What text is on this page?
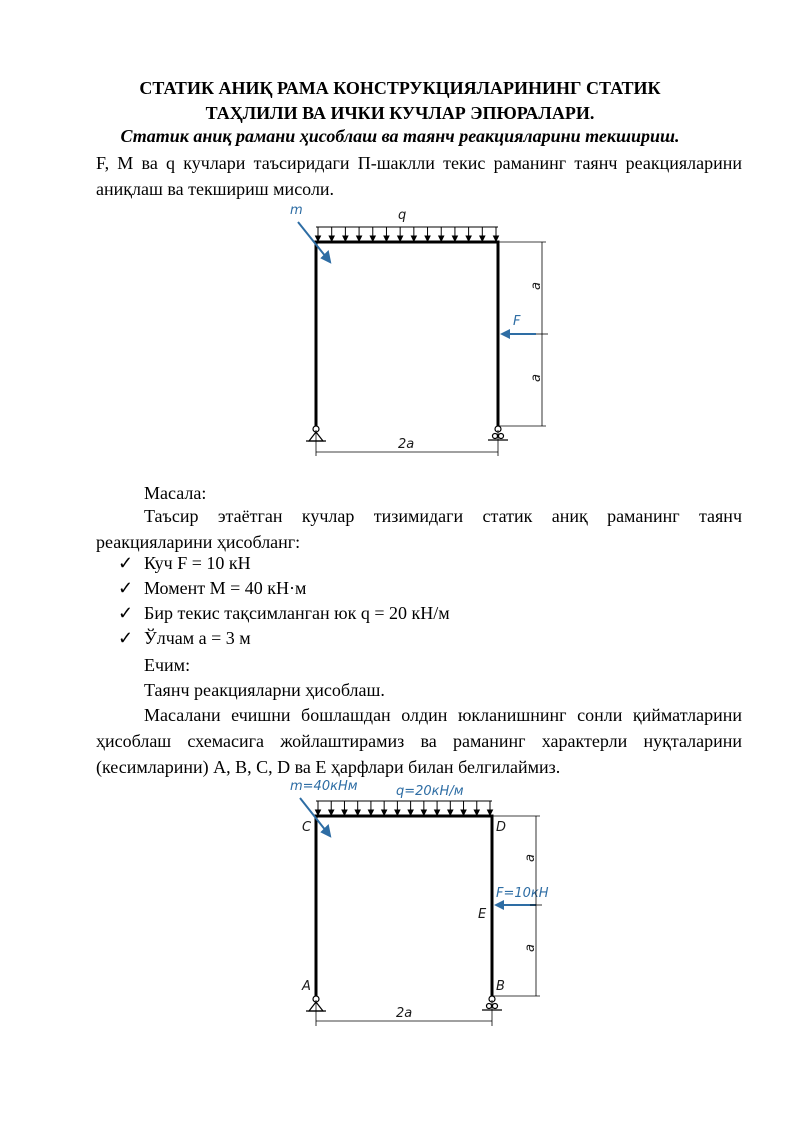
СТАТИК АНИҚ РАМА КОНСТРУКЦИЯЛАРИНИНГ СТАТИК
ТАҲЛИЛИ ВА ИЧКИ КУЧЛАР ЭПЮРАЛАРИ.
Статик аниқ рамани ҳисоблаш ва таянч реакцияларини текшириш.
F, M ва q кучлари таъсиридаги П-шаклли текис раманинг таянч реакцияларини аниқлаш ва текшириш мисоли.
m	q
F
a
a
2a
Масала:
Таъсир этаётган кучлар тизимидаги статик аниқ раманинг таянч реакцияларини ҳисобланг:
✓ Куч F = 10 кН
✓ Момент M = 40 кН·м
✓ Бир текис тақсимланган юк q = 20 кН/м
✓ Ўлчам a = 3 м
Ечим:
Таянч реакцияларни ҳисоблаш.
Масалани ечишни бошлашдан олдин юкланишнинг сонли қийматларини ҳисоблаш схемасига жойлаштирамиз ва раманинг характерли нуқталарини (кесимларини) A, B, C, D ва E ҳарфлари билан белгилаймиз.
m=40кНм	q=20кН/м
C	D
E
A	B
F=10кН
a
a
2a
